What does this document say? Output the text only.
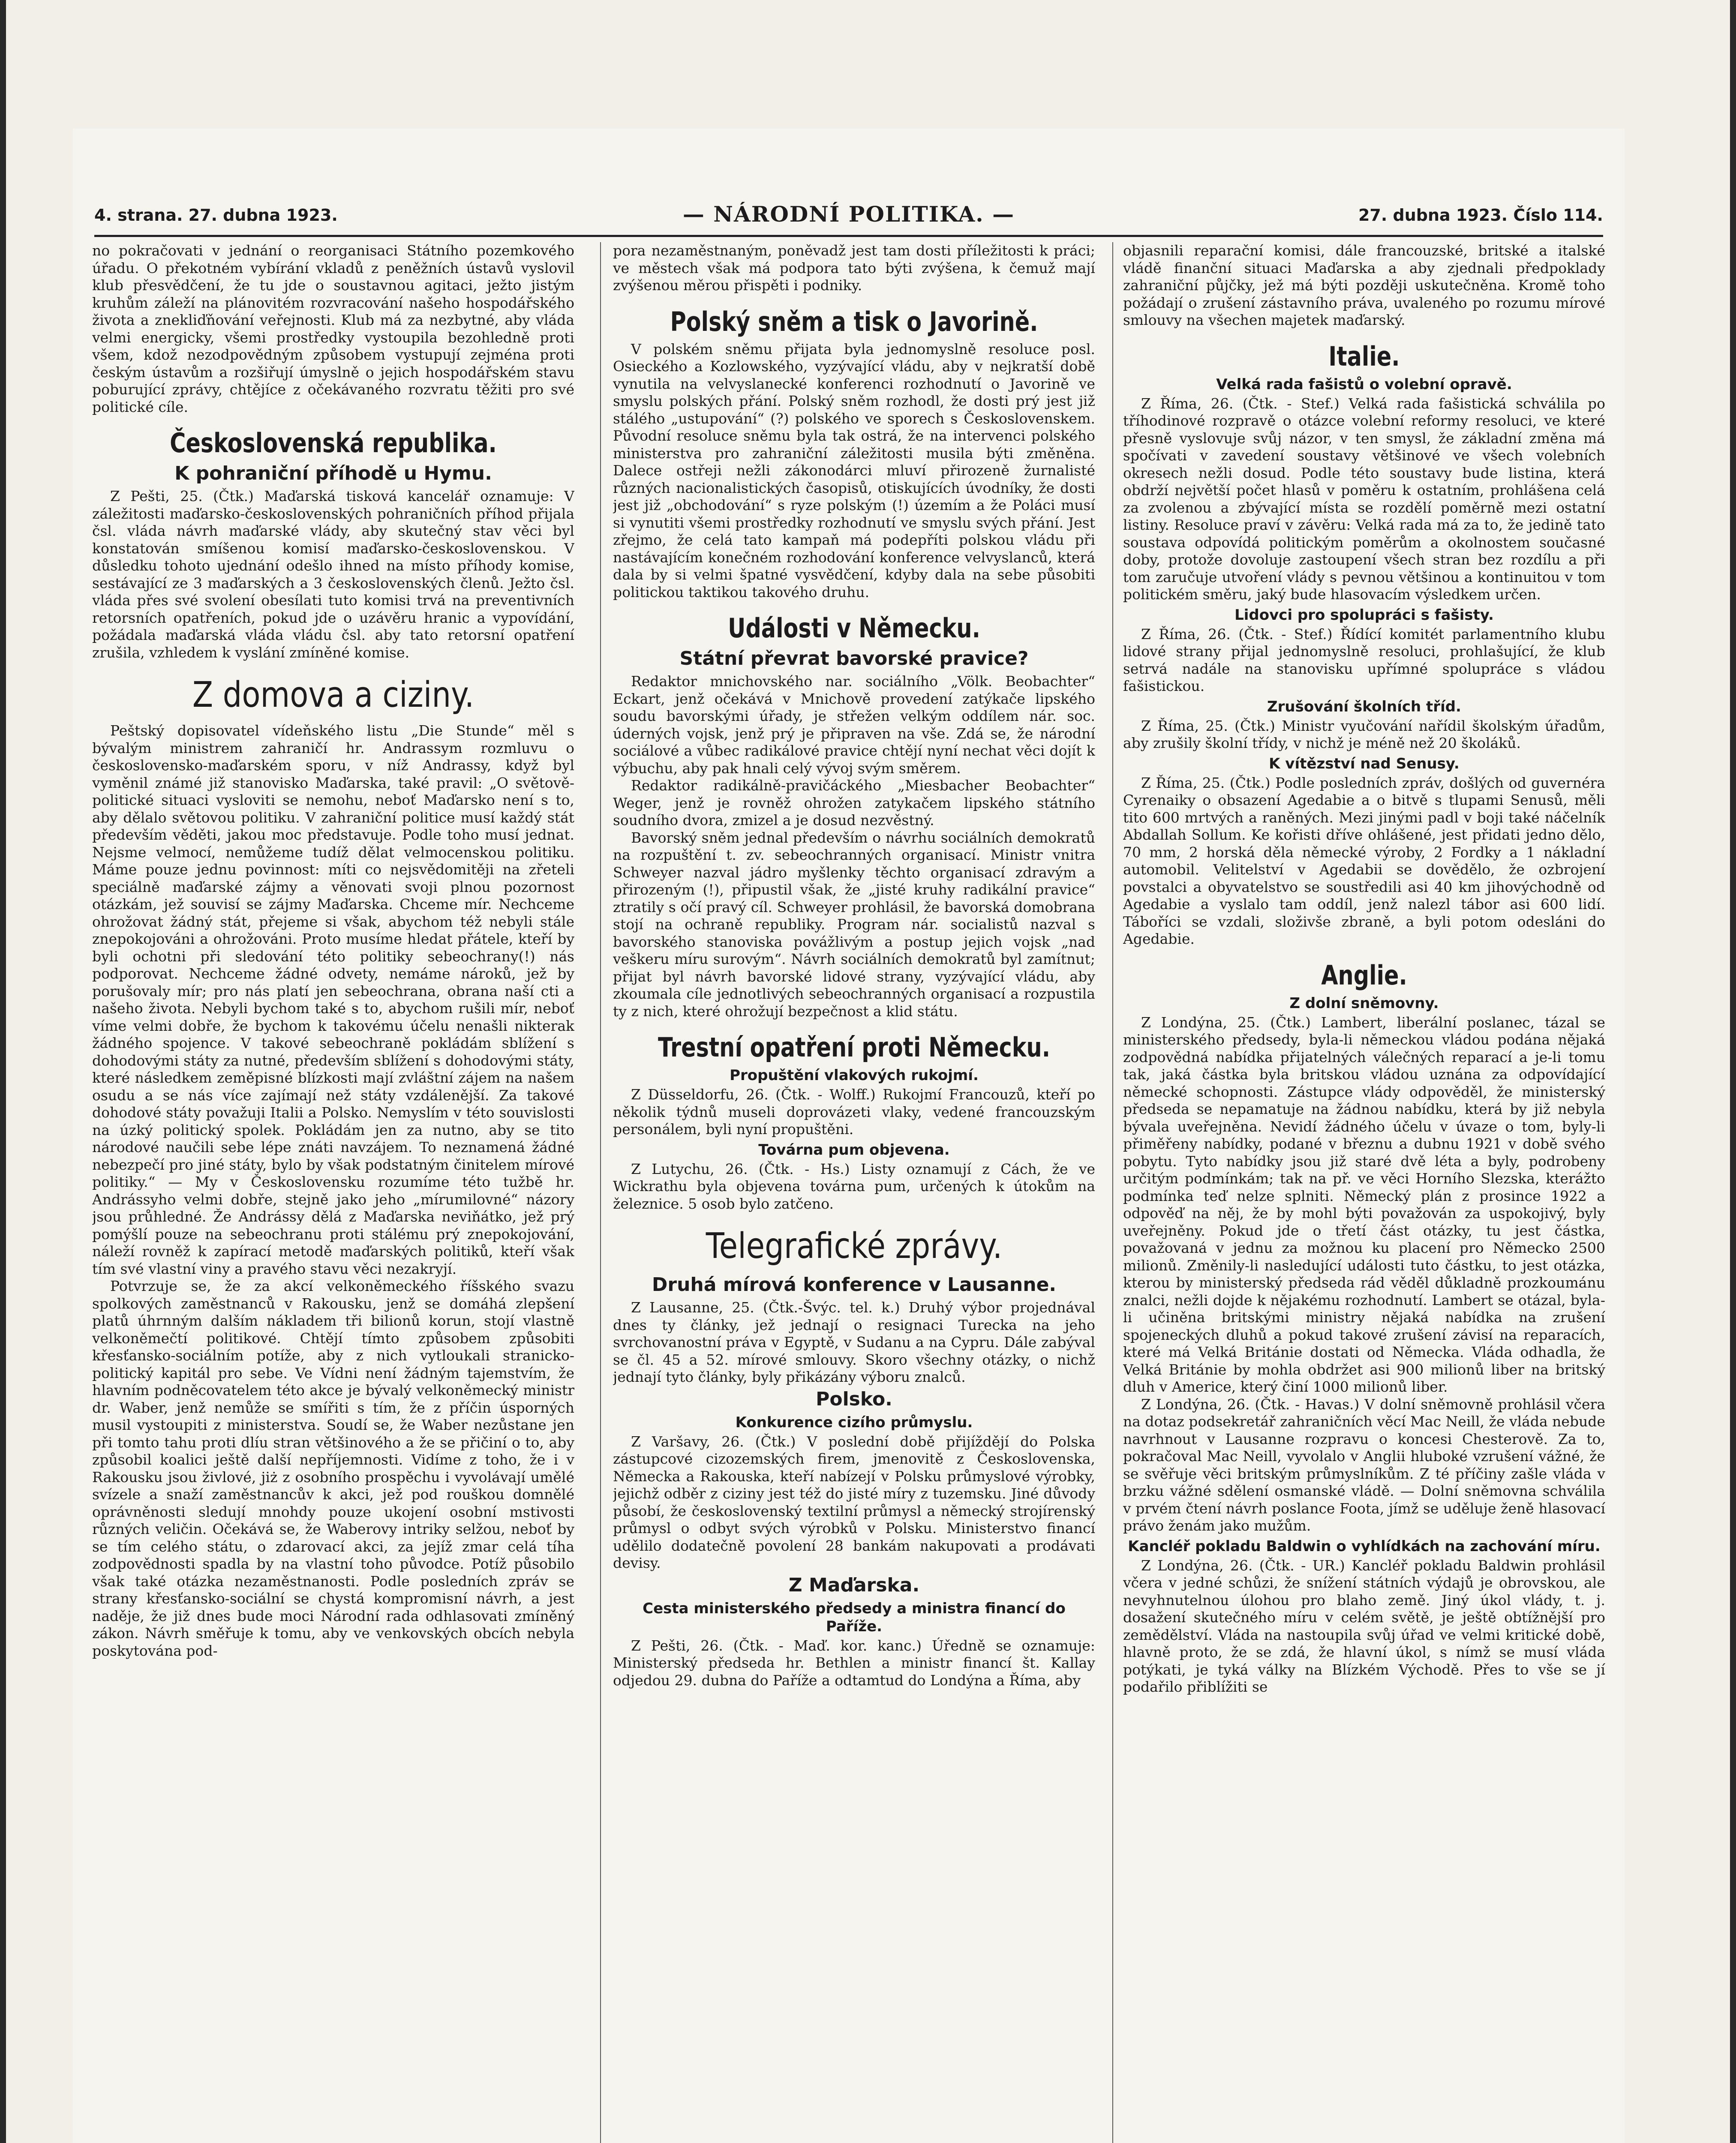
4. strana. 27. dubna 1923.	— NÁRODNÍ POLITIKA. —	27. dubna 1923. Číslo 114.

no pokračovati v jednání o reorganisaci Státního pozemkového úřadu. O překotném vybírání vkladů z peněžních ústavů vyslovil klub přesvědčení, že tu jde o soustavnou agitaci, ježto jistým kruhům záleží na plánovitém rozvracování našeho hospodářského života a znekliďňování veřejnosti. Klub má za nezbytné, aby vláda velmi energicky, všemi prostředky vystoupila bezohledně proti všem, kdož nezodpovědným způsobem vystupují zejména proti českým ústavům a rozšiřují úmyslně o jejich hospodářském stavu poburující zprávy, chtějíce z očekávaného rozvratu těžiti pro své politické cíle.

Československá republika.
K pohraniční příhodě u Hymu.

Z Pešti, 25. (Čtk.) Maďarská tisková kancelář oznamuje: V záležitosti maďarsko-československých pohraničních příhod přijala čsl. vláda návrh maďarské vlády, aby skutečný stav věci byl konstatován smíšenou komisí maďarsko-československou. V důsledku tohoto ujednání odešlo ihned na místo příhody komise, sestávající ze 3 maďarských a 3 československých členů. Ježto čsl. vláda přes své svolení obesílati tuto komisi trvá na preventivních retorsních opatřeních, pokud jde o uzávěru hranic a vypovídání, požádala maďarská vláda vládu čsl. aby tato retorsní opatření zrušila, vzhledem k vyslání zmíněné komise.

Z domova a ciziny.

Peštský dopisovatel vídeňského listu „Die Stunde“ měl s bývalým ministrem zahraničí hr. Andrassym rozmluvu o československo-maďarském sporu, v níž Andrassy, když byl vyměnil známé již stanovisko Maďarska, také pravil: „O světově-politické situaci vysloviti se nemohu, neboť Maďarsko není s to, aby dělalo světovou politiku. V zahraniční politice musí každý stát především věděti, jakou moc představuje. Podle toho musí jednat. Nejsme velmocí, nemůžeme tudíž dělat velmocenskou politiku. Máme pouze jednu povinnost: míti co nejsvědomitěji na zřeteli speciálně maďarské zájmy a věnovati svoji plnou pozornost otázkám, jež souvisí se zájmy Maďarska. Chceme mír. Nechceme ohrožovat žádný stát, přejeme si však, abychom též nebyli stále znepokojováni a ohrožováni. Proto musíme hledat přátele, kteří by byli ochotni při sledování této politiky sebeochrany(!) nás podporovat. Nechceme žádné odvety, nemáme nároků, jež by porušovaly mír; pro nás platí jen sebeochrana, obrana naší cti a našeho života. Nebyli bychom také s to, abychom rušili mír, neboť víme velmi dobře, že bychom k takovému účelu nenašli nikterak žádného spojence. V takové sebeochraně pokládám sblížení s dohodovými státy za nutné, především sblížení s dohodovými státy, které následkem zeměpisné blízkosti mají zvláštní zájem na našem osudu a se nás více zajímají než státy vzdálenější. Za takové dohodové státy považuji Italii a Polsko. Nemyslím v této souvislosti na úzký politický spolek. Pokládám jen za nutno, aby se tito národové naučili sebe lépe znáti navzájem. To neznamená žádné nebezpečí pro jiné státy, bylo by však podstatným činitelem mírové politiky.“ — My v Československu rozumíme této tužbě hr. Andrássyho velmi dobře, stejně jako jeho „mírumilovné“ názory jsou průhledné. Že Andrássy dělá z Maďarska neviňátko, jež prý pomýšlí pouze na sebeochranu proti stálému prý znepokojování, náleží rovněž k zapírací metodě maďarských politiků, kteří však tím své vlastní viny a pravého stavu věci nezakryjí.

Potvrzuje se, že za akcí velkoněmeckého říšského svazu spolkových zaměstnanců v Rakousku, jenž se domáhá zlepšení platů úhrnným dalším nákladem tři bilionů korun, stojí vlastně velkoněmečtí politikové. Chtějí tímto způsobem způsobiti křesťansko-sociálním potíže, aby z nich vytloukali stranicko-politický kapitál pro sebe. Ve Vídni není žádným tajemstvím, že hlavním podněcovatelem této akce je bývalý velkoněmecký ministr dr. Waber, jenž nemůže se smířiti s tím, že z příčin úsporných musil vystoupiti z ministerstva. Soudí se, že Waber nezůstane jen při tomto tahu proti dlíu stran většinového a že se přičiní o to, aby způsobil koalici ještě další nepříjemnosti. Vidíme z toho, že i v Rakousku jsou živlové, jiż z osobního prospěchu i vyvolávají umělé svízele a snaží zaměstnancův k akci, jež pod rouškou domnělé oprávněnosti sledují mnohdy pouze ukojení osobní mstivosti různých veličin. Očekává se, že Waberovy intriky selžou, neboť by se tím celého státu, o zdarovací akci, za jejíž zmar celá tíha zodpovědnosti spadla by na vlastní toho původce. Potíž působilo však také otázka nezaměstnanosti. Podle posledních zpráv se strany křesťansko-sociální se chystá kompromisní návrh, a jest naděje, že již dnes bude moci Národní rada odhlasovati zmíněný zákon. Návrh směřuje k tomu, aby ve venkovských obcích nebyla poskytována pod-

pora nezaměstnaným, poněvadž jest tam dosti příležitosti k práci; ve městech však má podpora tato býti zvýšena, k čemuž mají zvýšenou měrou přispěti i podniky.

Polský sněm a tisk o Javorině.

V polském sněmu přijata byla jednomyslně resoluce posl. Osieckého a Kozlowského, vyzývající vládu, aby v nejkratší době vynutila na velvyslanecké konferenci rozhodnutí o Javorině ve smyslu polských přání. Polský sněm rozhodl, že dosti prý jest již stálého „ustupování“ (?) polského ve sporech s Československem. Původní resoluce sněmu byla tak ostrá, že na intervenci polského ministerstva pro zahraniční záležitosti musila býti změněna. Dalece ostřeji nežli zákonodárci mluví přirozeně žurnalisté různých nacionalistických časopisů, otiskujících úvodníky, že dosti jest již „obchodování“ s ryze polským (!) územím a že Poláci musí si vynutiti všemi prostředky rozhodnutí ve smyslu svých přání. Jest zřejmo, že celá tato kampaň má podepříti polskou vládu při nastávajícím konečném rozhodování konference velvyslanců, která dala by si velmi špatné vysvědčení, kdyby dala na sebe působiti politickou taktikou takového druhu.

Události v Německu.
Státní převrat bavorské pravice?

Redaktor mnichovského nar. sociálního „Völk. Beobachter“ Eckart, jenž očekává v Mnichově provedení zatýkače lipského soudu bavorskými úřady, je střežen velkým oddílem nár. soc. úderných vojsk, jenž prý je připraven na vše. Zdá se, že národní sociálové a vůbec radikálové pravice chtějí nyní nechat věci dojít k výbuchu, aby pak hnali celý vývoj svým směrem.

Redaktor radikálně-pravičáckého „Miesbacher Beobachter“ Weger, jenž je rovněž ohrožen zatykačem lipského státního soudního dvora, zmizel a je dosud nezvěstný.

Bavorský sněm jednal především o návrhu sociálních demokratů na rozpuštění t. zv. sebeochranných organisací. Ministr vnitra Schweyer nazval jádro myšlenky těchto organisací zdravým a přirozeným (!), připustil však, že „jisté kruhy radikální pravice“ ztratily s očí pravý cíl. Schweyer prohlásil, že bavorská domobrana stojí na ochraně republiky. Program nár. socialistů nazval s bavorského stanoviska povážlivým a postup jejich vojsk „nad veškeru míru surovým“. Návrh sociálních demokratů byl zamítnut; přijat byl návrh bavorské lidové strany, vyzývající vládu, aby zkoumala cíle jednotlivých sebeochranných organisací a rozpustila ty z nich, které ohrožují bezpečnost a klid státu.

Trestní opatření proti Německu.
Propuštění vlakových rukojmí.

Z Düsseldorfu, 26. (Čtk. - Wolff.) Rukojmí Francouzů, kteří po několik týdnů museli doprovázeti vlaky, vedené francouzským personálem, byli nyní propuštěni.

Továrna pum objevena.

Z Lutychu, 26. (Čtk. - Hs.) Listy oznamují z Cách, že ve Wickrathu byla objevena továrna pum, určených k útokům na železnice. 5 osob bylo zatčeno.

Telegrafické zprávy.
Druhá mírová konference v Lausanne.

Z Lausanne, 25. (Čtk.-Švýc. tel. k.) Druhý výbor projednával dnes ty články, jež jednají o resignaci Turecka na jeho svrchovanostní práva v Egyptě, v Sudanu a na Cypru. Dále zabýval se čl. 45 a 52. mírové smlouvy. Skoro všechny otázky, o nichž jednají tyto články, byly přikázány výboru znalců.

Polsko.
Konkurence cizího průmyslu.

Z Varšavy, 26. (Čtk.) V poslední době přijíždějí do Polska zástupcové cizozemských firem, jmenovitě z Československa, Německa a Rakouska, kteří nabízejí v Polsku průmyslové výrobky, jejichž odběr z ciziny jest též do jisté míry z tuzemsku. Jiné důvody působí, že československý textilní průmysl a německý strojírenský průmysl o odbyt svých výrobků v Polsku. Ministerstvo financí udělilo dodatečně povolení 28 bankám nakupovati a prodávati devisy.

Z Maďarska.
Cesta ministerského předsedy a ministra financí do Paříže.

Z Pešti, 26. (Čtk. - Maď. kor. kanc.) Úředně se oznamuje: Ministerský předseda hr. Bethlen a ministr financí št. Kallay odjedou 29. dubna do Paříže a odtamtud do Londýna a Říma, aby

objasnili reparační komisi, dále francouzské, britské a italské vládě finanční situaci Maďarska a aby zjednali předpoklady zahraniční půjčky, jež má býti později uskutečněna. Kromě toho požádají o zrušení zástavního práva, uvaleného po rozumu mírové smlouvy na všechen majetek maďarský.

Italie.
Velká rada fašistů o volební opravě.

Z Říma, 26. (Čtk. - Stef.) Velká rada fašistická schválila po tříhodinové rozpravě o otázce volební reformy resoluci, ve které přesně vyslovuje svůj názor, v ten smysl, že základní změna má spočívati v zavedení soustavy většinové ve všech volebních okresech nežli dosud. Podle této soustavy bude listina, která obdrží největší počet hlasů v poměru k ostatním, prohlášena celá za zvolenou a zbývající místa se rozdělí poměrně mezi ostatní listiny. Resoluce praví v závěru: Velká rada má za to, že jedině tato soustava odpovídá politickým poměrům a okolnostem současné doby, protože dovoluje zastoupení všech stran bez rozdílu a při tom zaručuje utvoření vlády s pevnou většinou a kontinuitou v tom politickém směru, jaký bude hlasovacím výsledkem určen.

Lidovci pro spolupráci s fašisty.

Z Říma, 26. (Čtk. - Stef.) Řídící komitét parlamentního klubu lidové strany přijal jednomyslně resoluci, prohlašující, že klub setrvá nadále na stanovisku upřímné spolupráce s vládou fašistickou.

Zrušování školních tříd.

Z Říma, 25. (Čtk.) Ministr vyučování nařídil školským úřadům, aby zrušily školní třídy, v nichž je méně než 20 školáků.

K vítězství nad Senusy.

Z Říma, 25. (Čtk.) Podle posledních zpráv, došlých od guvernéra Cyrenaiky o obsazení Agedabie a o bitvě s tlupami Senusů, měli tito 600 mrtvých a raněných. Mezi jinými padl v boji také náčelník Abdallah Sollum. Ke kořisti dříve ohlášené, jest přidati jedno dělo, 70 mm, 2 horská děla německé výroby, 2 Fordky a 1 nákladní automobil. Velitelství v Agedabii se dovědělo, že ozbrojení povstalci a obyvatelstvo se soustředili asi 40 km jihovýchodně od Agedabie a vyslalo tam oddíl, jenž nalezl tábor asi 600 lidí. Táboříci se vzdali, složivše zbraně, a byli potom odesláni do Agedabie.

Anglie.
Z dolní sněmovny.

Z Londýna, 25. (Čtk.) Lambert, liberální poslanec, tázal se ministerského předsedy, byla-li německou vládou podána nějaká zodpovědná nabídka přijatelných válečných reparací a je-li tomu tak, jaká částka byla britskou vládou uznána za odpovídající německé schopnosti. Zástupce vlády odpověděl, že ministerský předseda se nepamatuje na žádnou nabídku, která by již nebyla bývala uveřejněna. Nevidí žádného účelu v úvaze o tom, byly-li přiměřeny nabídky, podané v březnu a dubnu 1921 v době svého pobytu. Tyto nabídky jsou již staré dvě léta a byly, podrobeny určitým podmínkám; tak na př. ve věci Horního Slezska, kterážto podmínka teď nelze splniti. Německý plán z prosince 1922 a odpověď na něj, že by mohl býti považován za uspokojivý, byly uveřejněny. Pokud jde o třetí část otázky, tu jest částka, považovaná v jednu za možnou ku placení pro Německo 2500 milionů. Změnily-li nasledující události tuto částku, to jest otázka, kterou by ministerský předseda rád věděl důkladně prozkoumánu znalci, nežli dojde k nějakému rozhodnutí. Lambert se otázal, byla-li učiněna britskými ministry nějaká nabídka na zrušení spojeneckých dluhů a pokud takové zrušení závisí na reparacích, které má Velká Británie dostati od Německa. Vláda odhadla, že Velká Británie by mohla obdržet asi 900 milionů liber na britský dluh v Americe, který činí 1000 milionů liber.

Z Londýna, 26. (Čtk. - Havas.) V dolní sněmovně prohlásil včera na dotaz podsekretář zahraničních věcí Mac Neill, že vláda nebude navrhnout v Lausanne rozpravu o koncesi Chesterově. Za to, pokračoval Mac Neill, vyvolalo v Anglii hluboké vzrušení vážné, že se svěřuje věci britským průmyslníkům. Z té příčiny zašle vláda v brzku vážné sdělení osmanské vládě. — Dolní sněmovna schválila v prvém čtení návrh poslance Foota, jímž se uděluje ženě hlasovací právo ženám jako mužům.

Kancléř pokladu Baldwin o vyhlídkách na zachování míru.

Z Londýna, 26. (Čtk. - UR.) Kancléř pokladu Baldwin prohlásil včera v jedné schůzi, že snížení státních výdajů je obrovskou, ale nevyhnutelnou úlohou pro blaho země. Jiný úkol vlády, t. j. dosažení skutečného míru v celém světě, je ještě obtížnější pro zemědělství. Vláda na nastoupila svůj úřad ve velmi kritické době, hlavně proto, že se zdá, že hlavní úkol, s nímž se musí vláda potýkati, je tyká války na Blízkém Východě. Přes to vše se jí podařilo přiblížiti se
